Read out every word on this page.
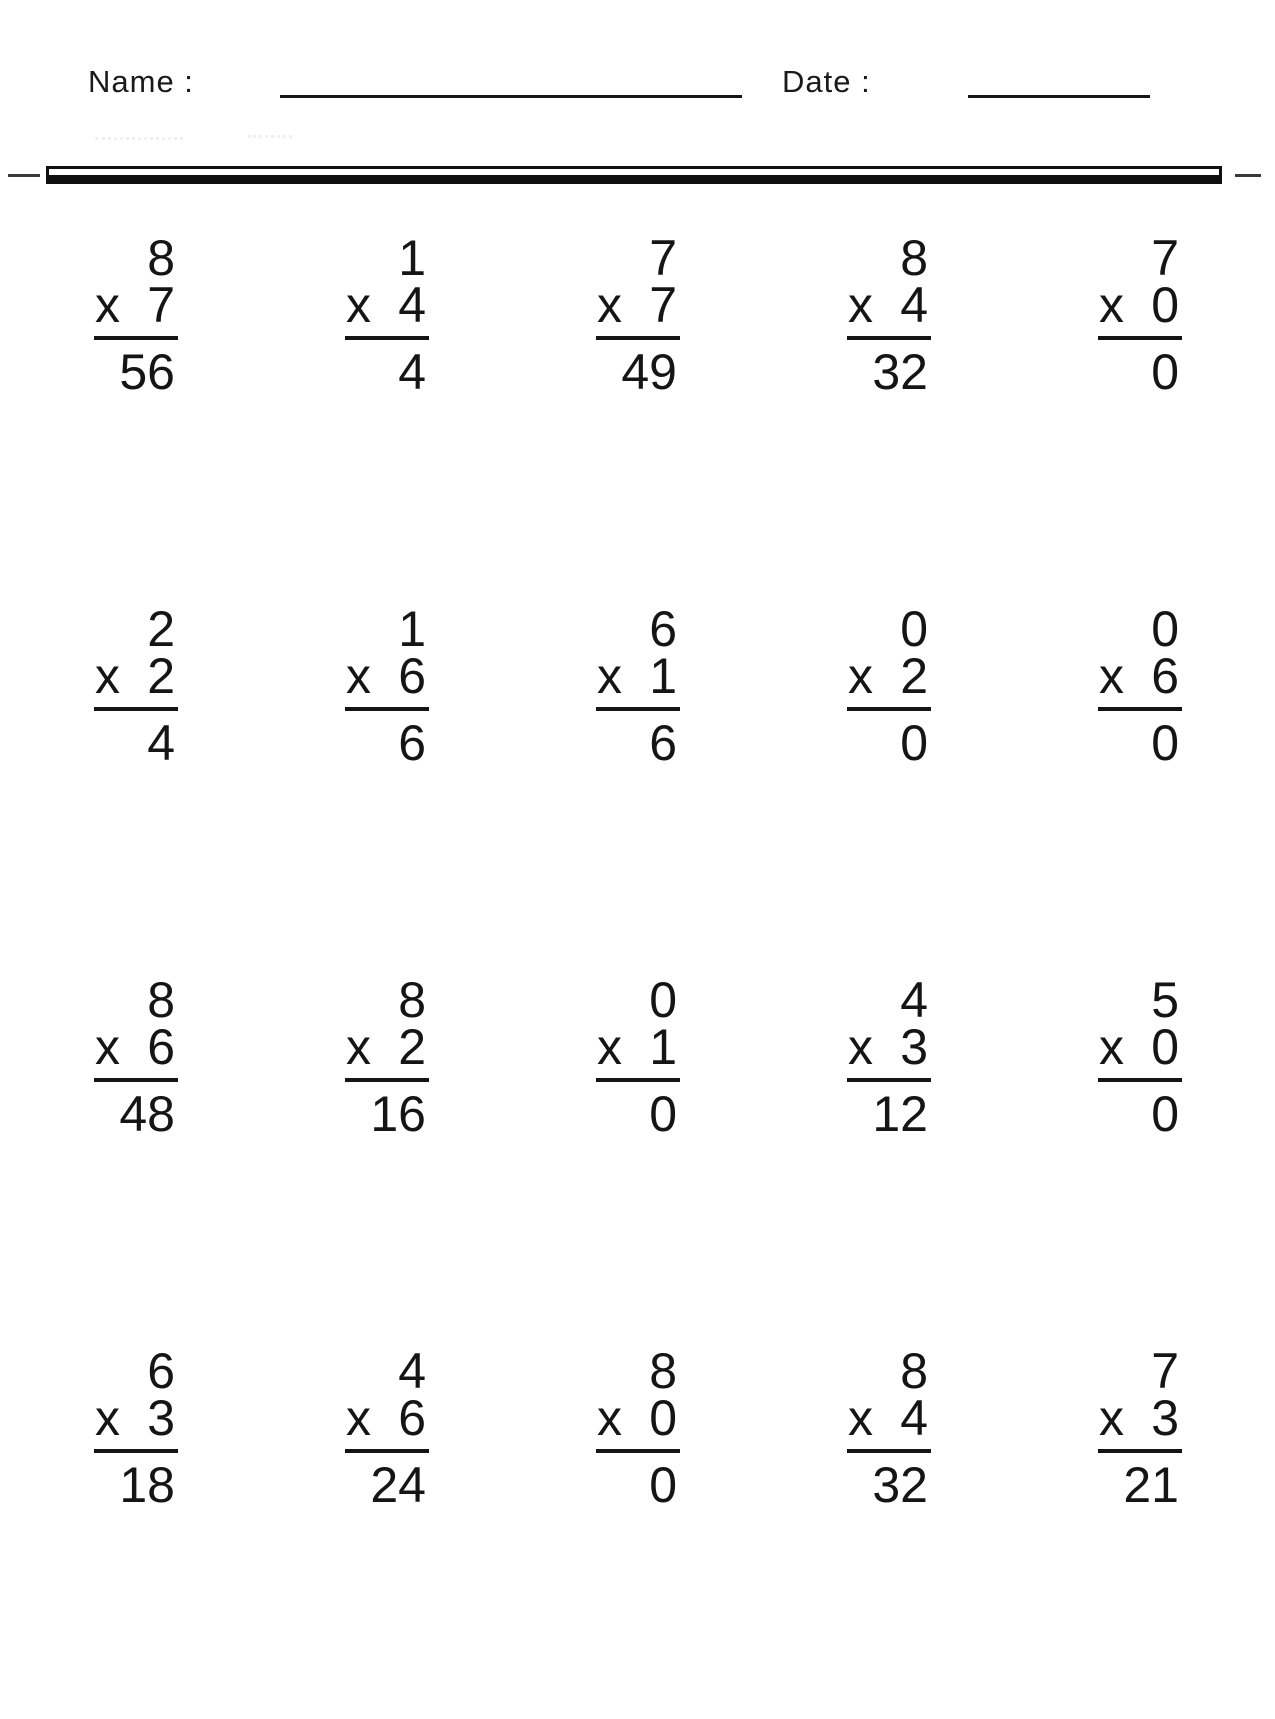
Name :	Date :
8
x 7
56
1
x 4
4
7
x 7
49
8
x 4
32
7
x 0
0
2
x 2
4
1
x 6
6
6
x 1
6
0
x 2
0
0
x 6
0
8
x 6
48
8
x 2
16
0
x 1
0
4
x 3
12
5
x 0
0
6
x 3
18
4
x 6
24
8
x 0
0
8
x 4
32
7
x 3
21
